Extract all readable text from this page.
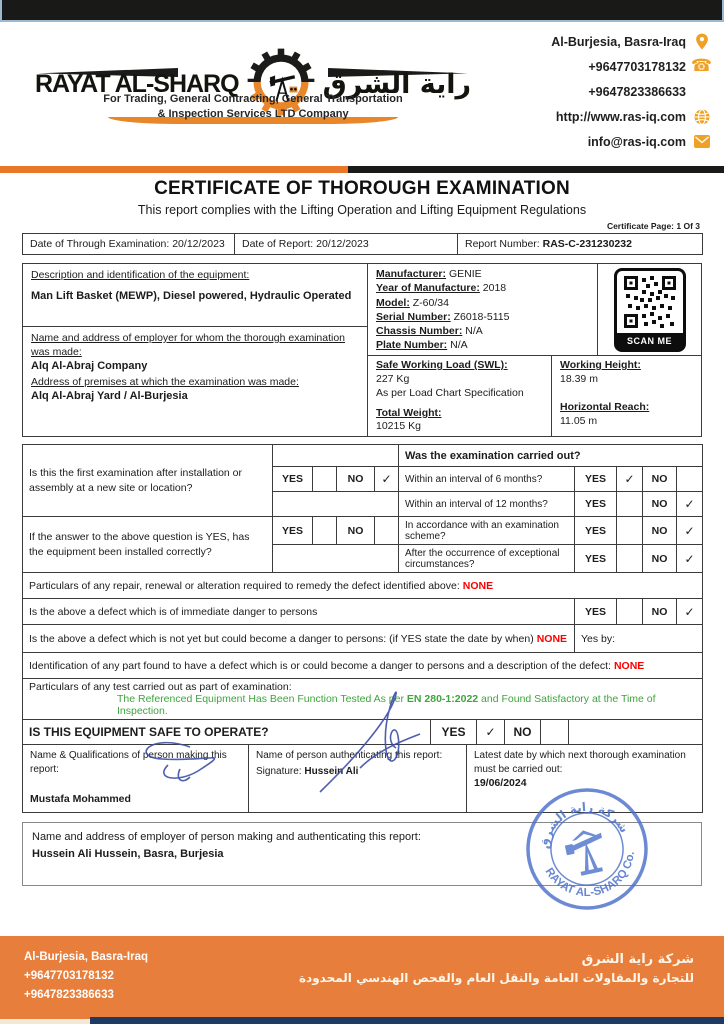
RAYAT AL-SHARQ	راية الشرق
For Trading, General Contracting, General Transportation
& Inspection Services LTD Company
Al-Burjesia, Basra-Iraq
+9647703178132 ☎
+9647823386633
http://www.ras-iq.com
info@ras-iq.com
CERTIFICATE OF THOROUGH EXAMINATION
This report complies with the Lifting Operation and Lifting Equipment Regulations
Certificate Page: 1 Of 3
Date of Through Examination: 20/12/2023	Date of Report: 20/12/2023	Report Number: RAS-C-231230232
Description and identification of the equipment:
Man Lift Basket (MEWP), Diesel powered, Hydraulic Operated
Name and address of employer for whom the thorough examination was made:
Alq Al-Abraj Company
Address of premises at which the examination was made:
Alq Al-Abraj Yard / Al-Burjesia
Manufacturer: GENIE
Year of Manufacture: 2018
Model: Z-60/34
Serial Number: Z6018-5115
Chassis Number: N/A
Plate Number: N/A	SCAN ME
Safe Working Load (SWL):
227 Kg
As per Load Chart Specification
Total Weight:
10215 Kg
Working Height:
18.39 m
Horizontal Reach:
11.05 m
Is this the first examination after installation or assembly at a new site or location?					Was the examination carried out?				
	YES		NO	✓	Within an interval of 6 months?	YES	✓	NO	
					Within an interval of 12 months?	YES		NO	✓
If the answer to the above question is YES, has the equipment been installed correctly?	YES		NO		In accordance with an examination scheme?	YES		NO	✓
					After the occurrence of exceptional circumstances?	YES		NO	✓
Particulars of any repair, renewal or alteration required to remedy the defect identified above: NONE				
Is the above a defect which is of immediate danger to persons	YES		NO	✓
Is the above a defect which is not yet but could become a danger to persons: (if YES state the date by when) NONE	Yes by:			
Identification of any part found to have a defect which is or could become a danger to persons and a description of the defect: NONE				

Particulars of any test carried out as part of examination:
The Referenced Equipment Has Been Function Tested As per EN 280-1:2022 and Found Satisfactory at the Time of Inspection.				
IS THIS EQUIPMENT SAFE TO OPERATE?	YES	✓	NO		
Name & Qualifications of person making this report:
Mustafa Mohammed

Name of person authenticating this report:
Signature: Hussein Ali

Latest date by which next thorough examination must be carried out:
19/06/2024
Name and address of employer of person making and authenticating this report:
Hussein Ali Hussein, Basra, Burjesia
RAYAT AL-SHARQ Co.
شركة راية الشرق
Al-Burjesia, Basra-Iraq
+9647703178132
+9647823386633
شركة راية الشرق
للتجارة والمقاولات العامة والنقل العام والفحص الهندسي المحدودة
